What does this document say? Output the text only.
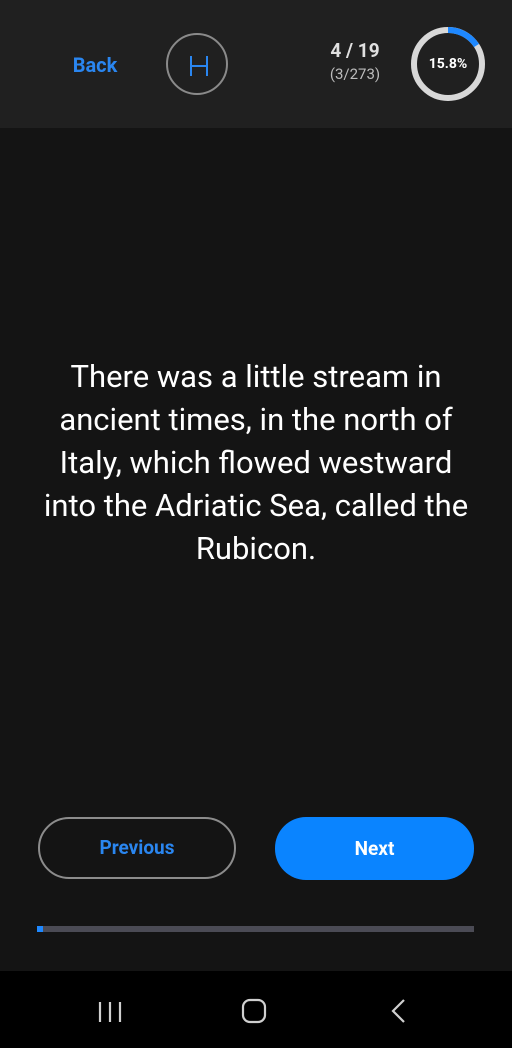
Back
4 / 19
(3/273)
15.8%
There was a little stream in ancient times, in the north of Italy, which flowed westward into the Adriatic Sea, called the Rubicon.
Previous	Next
